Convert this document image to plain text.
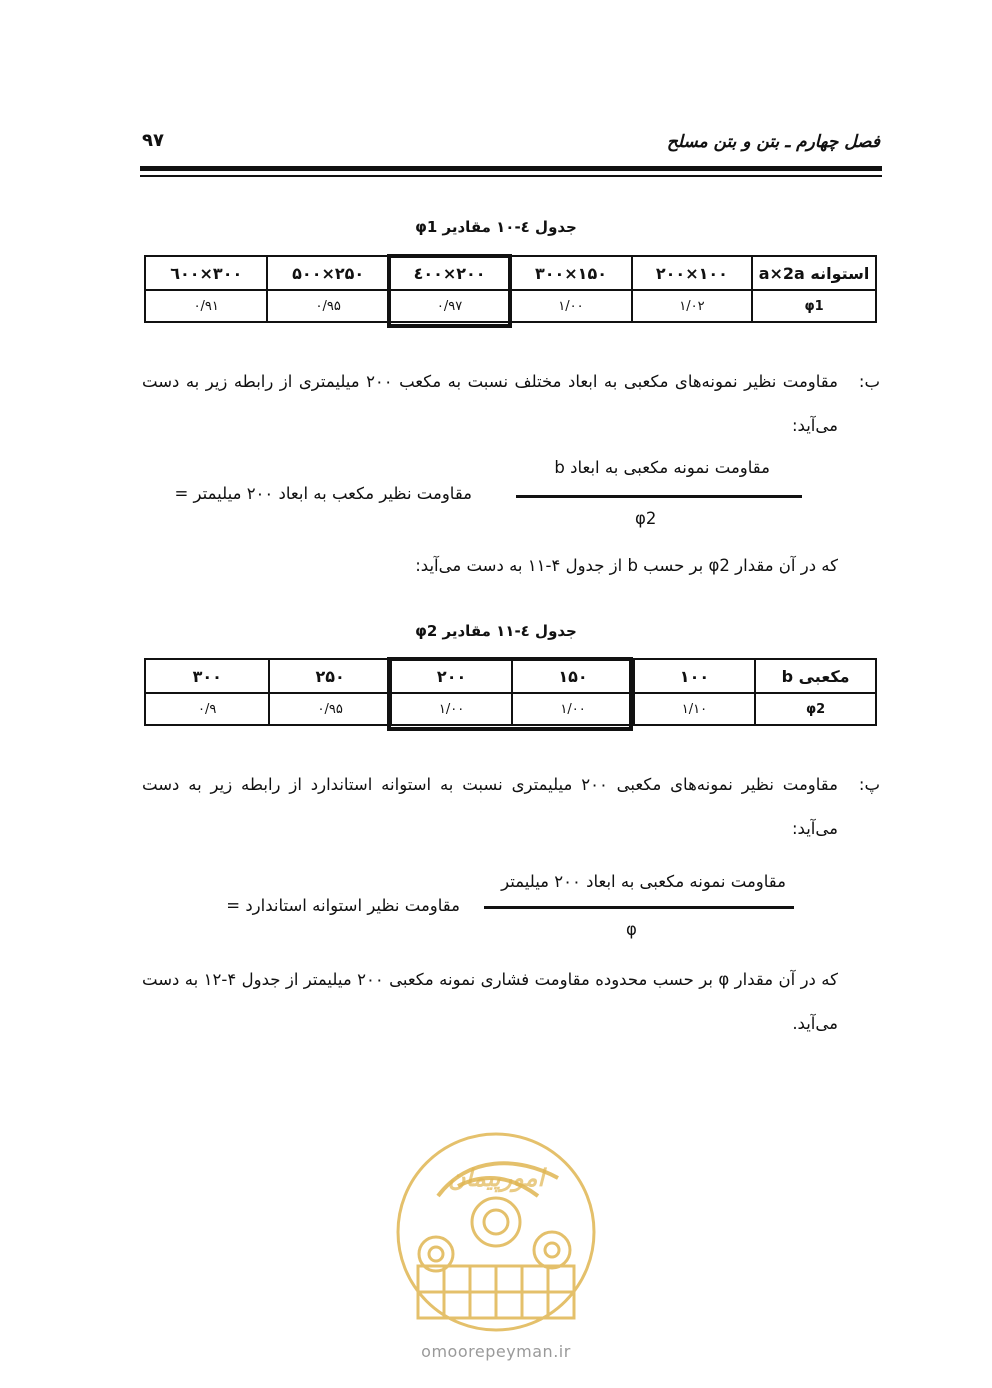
فصل چهارم ـ بتن و بتن مسلح
۹۷
جدول ٤-١٠ مقادیر φ1
استوانه a×2a	۱۰۰×۲۰۰	۱۵۰×۳۰۰	۲۰۰×٤۰۰	۲۵۰×۵۰۰	۳۰۰×٦۰۰
φ1	۱/۰۲	۱/۰۰	۰/۹۷	۰/۹۵	۰/۹۱
ب:
مقاومت نظیر نمونه‌های مکعبی به ابعاد مختلف نسبت به مکعب ۲۰۰ میلیمتری از رابطه زیر به دست می‌آید:
مقاومت نظیر مکعب به ابعاد ۲۰۰ میلیمتر =
مقاومت نمونه مکعبی به ابعاد b
φ2
که در آن مقدار φ2 بر حسب b از جدول ۴-۱۱ به دست می‌آید:
جدول ٤-١١ مقادیر φ2
مکعبی b	۱۰۰	۱۵۰	۲۰۰	۲۵۰	۳۰۰
φ2	۱/۱۰	۱/۰۰	۱/۰۰	۰/۹۵	۰/۹
پ:
مقاومت نظیر نمونه‌های مکعبی ۲۰۰ میلیمتری نسبت به استوانه استاندارد از رابطه زیر به دست می‌آید:
مقاومت نظیر استوانه استاندارد =
مقاومت نمونه مکعبی به ابعاد ۲۰۰ میلیمتر
φ
که در آن مقدار φ بر حسب محدوده مقاومت فشاری نمونه مکعبی ۲۰۰ میلیمتر از جدول ۴-۱۲ به دست می‌آید.
امورپیمان
omoorepeyman.ir
